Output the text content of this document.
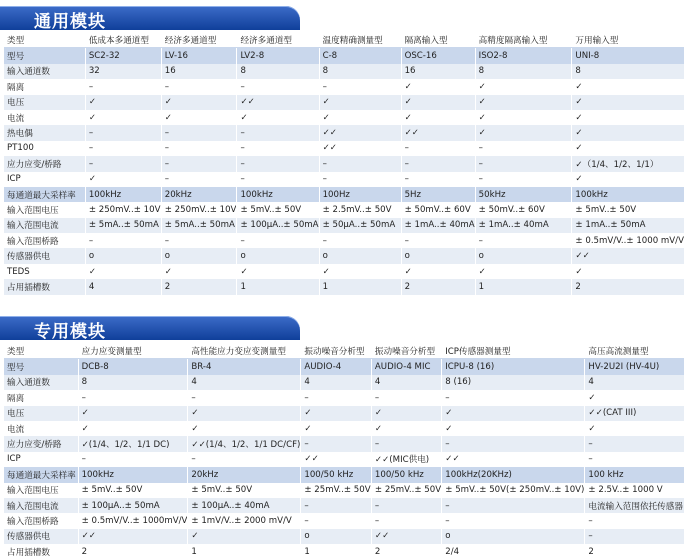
通用模块
类型	低成本多通道型	经济多通道型	经济多通道型	温度精确测量型	隔离输入型	高精度隔离输入型	万用输入型
型号	SC2-32	LV-16	LV2-8	C-8	OSC-16	ISO2-8	UNI-8
输入通道数	32	16	8	8	16	8	8
隔离	–	–	–	–	✓	✓	✓
电压	✓	✓	✓✓	✓	✓	✓	✓
电流	✓	✓	✓	✓	✓	✓	✓
热电偶	–	–	–	✓✓	✓✓	✓	✓
PT100	–	–	–	✓✓	–	–	✓
应力应变/桥路	–	–	–	–	–	–	✓（1/4、1/2、1/1）
ICP	✓	–	–	–	–	–	✓
每通道最大采样率	100kHz	20kHz	100kHz	100Hz	5Hz	50kHz	100kHz
输入范围电压	± 250mV..± 10V	± 250mV..± 10V	± 5mV..± 50V	± 2.5mV..± 50V	± 50mV..± 60V	± 50mV..± 60V	± 5mV..± 50V
输入范围电流	± 5mA..± 50mA	± 5mA..± 50mA	± 100μA..± 50mA	± 50μA..± 50mA	± 1mA..± 40mA	± 1mA..± 40mA	± 1mA..± 50mA
输入范围桥路	–	–	–	–	–	–	± 0.5mV/V..± 1000 mV/V
传感器供电	o	o	o	o	o	o	✓✓
TEDS	✓	✓	✓	✓	✓	✓	✓
占用插槽数	4	2	1	1	2	1	2
专用模块
类型	应力应变测量型	高性能应力变应变测量型	振动噪音分析型	振动噪音分析型	ICP传感器测量型	高压高流测量型
型号	DCB-8	BR-4	AUDIO-4	AUDIO-4 MIC	ICPU-8 (16)	HV-2U2I (HV-4U)
输入通道数	8	4	4	4	8 (16)	4
隔离	–	–	–	–	–	✓
电压	✓	✓	✓	✓	✓	✓✓(CAT III)
电流	✓	✓	✓	✓	✓	✓
应力应变/桥路	✓(1/4、1/2、1/1 DC)	✓✓(1/4、1/2、1/1 DC/CF)	–	–	–	–
ICP	–	–	✓✓	✓✓(MIC供电)	✓✓	–
每通道最大采样率	100kHz	20kHz	100/50 kHz	100/50 kHz	100kHz(20KHz)	100 kHz
输入范围电压	± 5mV..± 50V	± 5mV..± 50V	± 25mV..± 50V	± 25mV..± 50V	± 5mV..± 50V(± 250mV..± 10V)	± 2.5V..± 1000 V
输入范围电流	± 100μA..± 50mA	± 100μA..± 40mA	–	–	–	电流输入范围依托传感器
输入范围桥路	± 0.5mV/V..± 1000mV/V	± 1mV/V..± 2000 mV/V	–	–	–	–
传感器供电	✓✓	✓	o	✓✓	o	–
占用插槽数	2	1	1	2	2/4	2
